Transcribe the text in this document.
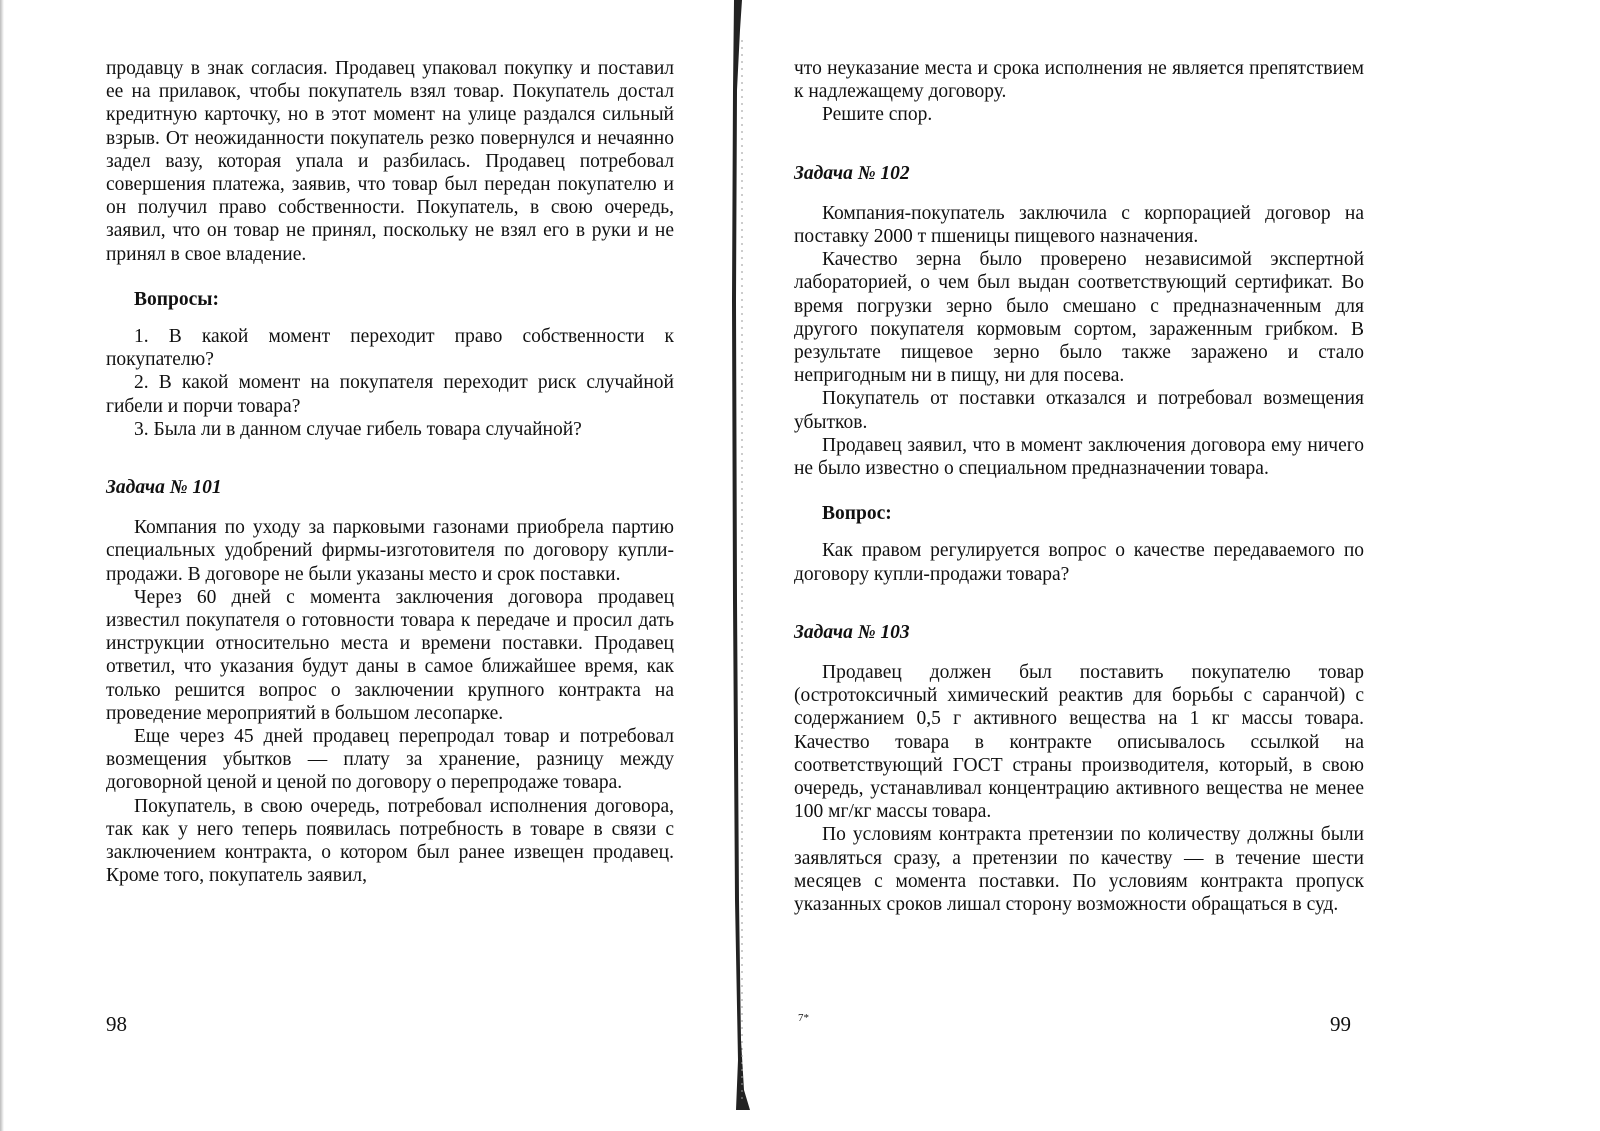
продавцу в знак согласия. Продавец упаковал покупку и поставил ее на прилавок, чтобы покупатель взял товар. Покупатель достал кредитную карточку, но в этот момент на улице раздался сильный взрыв. От неожиданности покупатель резко повернулся и нечаянно задел вазу, которая упала и разбилась. Продавец потребовал совершения платежа, заявив, что товар был передан покупателю и он получил право собственности. Покупатель, в свою очередь, заявил, что он товар не принял, поскольку не взял его в руки и не принял в свое владение.

Вопросы:

1. В какой момент переходит право собственности к покупателю?

2. В какой момент на покупателя переходит риск случайной гибели и порчи товара?

3. Была ли в данном случае гибель товара случайной?

Задача № 101

Компания по уходу за парковыми газонами приобрела партию специальных удобрений фирмы-изготовителя по договору купли-продажи. В договоре не были указаны место и срок поставки.

Через 60 дней с момента заключения договора продавец известил покупателя о готовности товара к передаче и просил дать инструкции относительно места и времени поставки. Продавец ответил, что указания будут даны в самое ближайшее время, как только решится вопрос о заключении крупного контракта на проведение мероприятий в большом лесопарке.

Еще через 45 дней продавец перепродал товар и потребовал возмещения убытков — плату за хранение, разницу между договорной ценой и ценой по договору о перепродаже товара.

Покупатель, в свою очередь, потребовал исполнения договора, так как у него теперь появилась потребность в товаре в связи с заключением контракта, о котором был ранее извещен продавец. Кроме того, покупатель заявил,

98

что неуказание места и срока исполнения не является препятствием к надлежащему договору.

Решите спор.

Задача № 102

Компания-покупатель заключила с корпорацией договор на поставку 2000 т пшеницы пищевого назначения.

Качество зерна было проверено независимой экспертной лабораторией, о чем был выдан соответствующий сертификат. Во время погрузки зерно было смешано с предназначенным для другого покупателя кормовым сортом, зараженным грибком. В результате пищевое зерно было также заражено и стало непригодным ни в пищу, ни для посева.

Покупатель от поставки отказался и потребовал возмещения убытков.

Продавец заявил, что в момент заключения договора ему ничего не было известно о специальном предназначении товара.

Вопрос:

Как правом регулируется вопрос о качестве передаваемого по договору купли-продажи товара?

Задача № 103

Продавец должен был поставить покупателю товар (остротоксичный химический реактив для борьбы с саранчой) с содержанием 0,5 г активного вещества на 1 кг массы товара. Качество товара в контракте описывалось ссылкой на соответствующий ГОСТ страны производителя, который, в свою очередь, устанавливал концентрацию активного вещества не менее 100 мг/кг массы товара.

По условиям контракта претензии по количеству должны были заявляться сразу, а претензии по качеству — в течение шести месяцев с момента поставки. По условиям контракта пропуск указанных сроков лишал сторону возможности обращаться в суд.

7*	99
